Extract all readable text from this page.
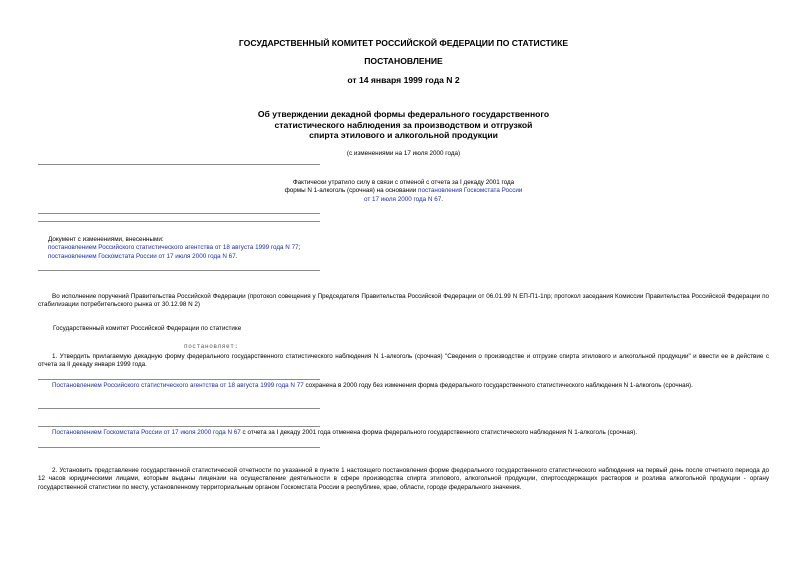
ГОСУДАРСТВЕННЫЙ КОМИТЕТ РОССИЙСКОЙ ФЕДЕРАЦИИ ПО СТАТИСТИКЕ
ПОСТАНОВЛЕНИЕ
от 14 января 1999 года N 2
Об утверждении декадной формы федерального государственного
статистического наблюдения за производством и отгрузкой
спирта этилового и алкогольной продукции
(с изменениями на 17 июля 2000 года)
Фактически утратило силу в связи с отменой с отчета за I декаду 2001 года
формы N 1-алкоголь (срочная) на основании постановления Госкомстата России
от 17 июля 2000 года N 67.
Документ с изменениями, внесенными:
постановлением Российского статистического агентства от 18 августа 1999 года N 77;
постановлением Госкомстата России от 17 июля 2000 года N 67.
Во исполнение поручений Правительства Российской Федерации (протокол совещения у Председателя Правительства Российской Федерации от 06.01.99 N ЕП-П1-1пр; протокол заседания Комиссии Правительства Российской Федерации по стабилизации потребительского рынка от 30.12.98 N 2)
Государственный комитет Российской Федерации по статистике
постановляет:
1. Утвердить прилагаемую декадную форму федерального государственного статистического наблюдения N 1-алкоголь (срочная) "Сведения о производстве и отгрузке спирта этилового и алкогольной продукции" и ввести ее в действие с отчета за II декаду января 1999 года.
Постановлением Российского статистического агентства от 18 августа 1999 года N 77 сохранена в 2000 году без изменения форма федерального государственного статистического наблюдения N 1-алкоголь (срочная).
Постановлением Госкомстата России от 17 июля 2000 года N 67 с отчета за I декаду 2001 года отменена форма федерального государственного статистического наблюдения N 1-алкоголь (срочная).
2. Установить представление государственной статистической отчетности по указанной в пункте 1 настоящего постановления форме федерального государственного статистического наблюдения на первый день после отчетного периода до 12 часов юридическими лицами, которым выданы лицензии на осуществление деятельности в сфере производства спирта этилового, алкогольной продукции, спиртосодержащих растворов и розлива алкогольной продукции - органу государственной статистики по месту, установленному территориальным органом Госкомстата России в республике, крае, области, городе федерального значения.
